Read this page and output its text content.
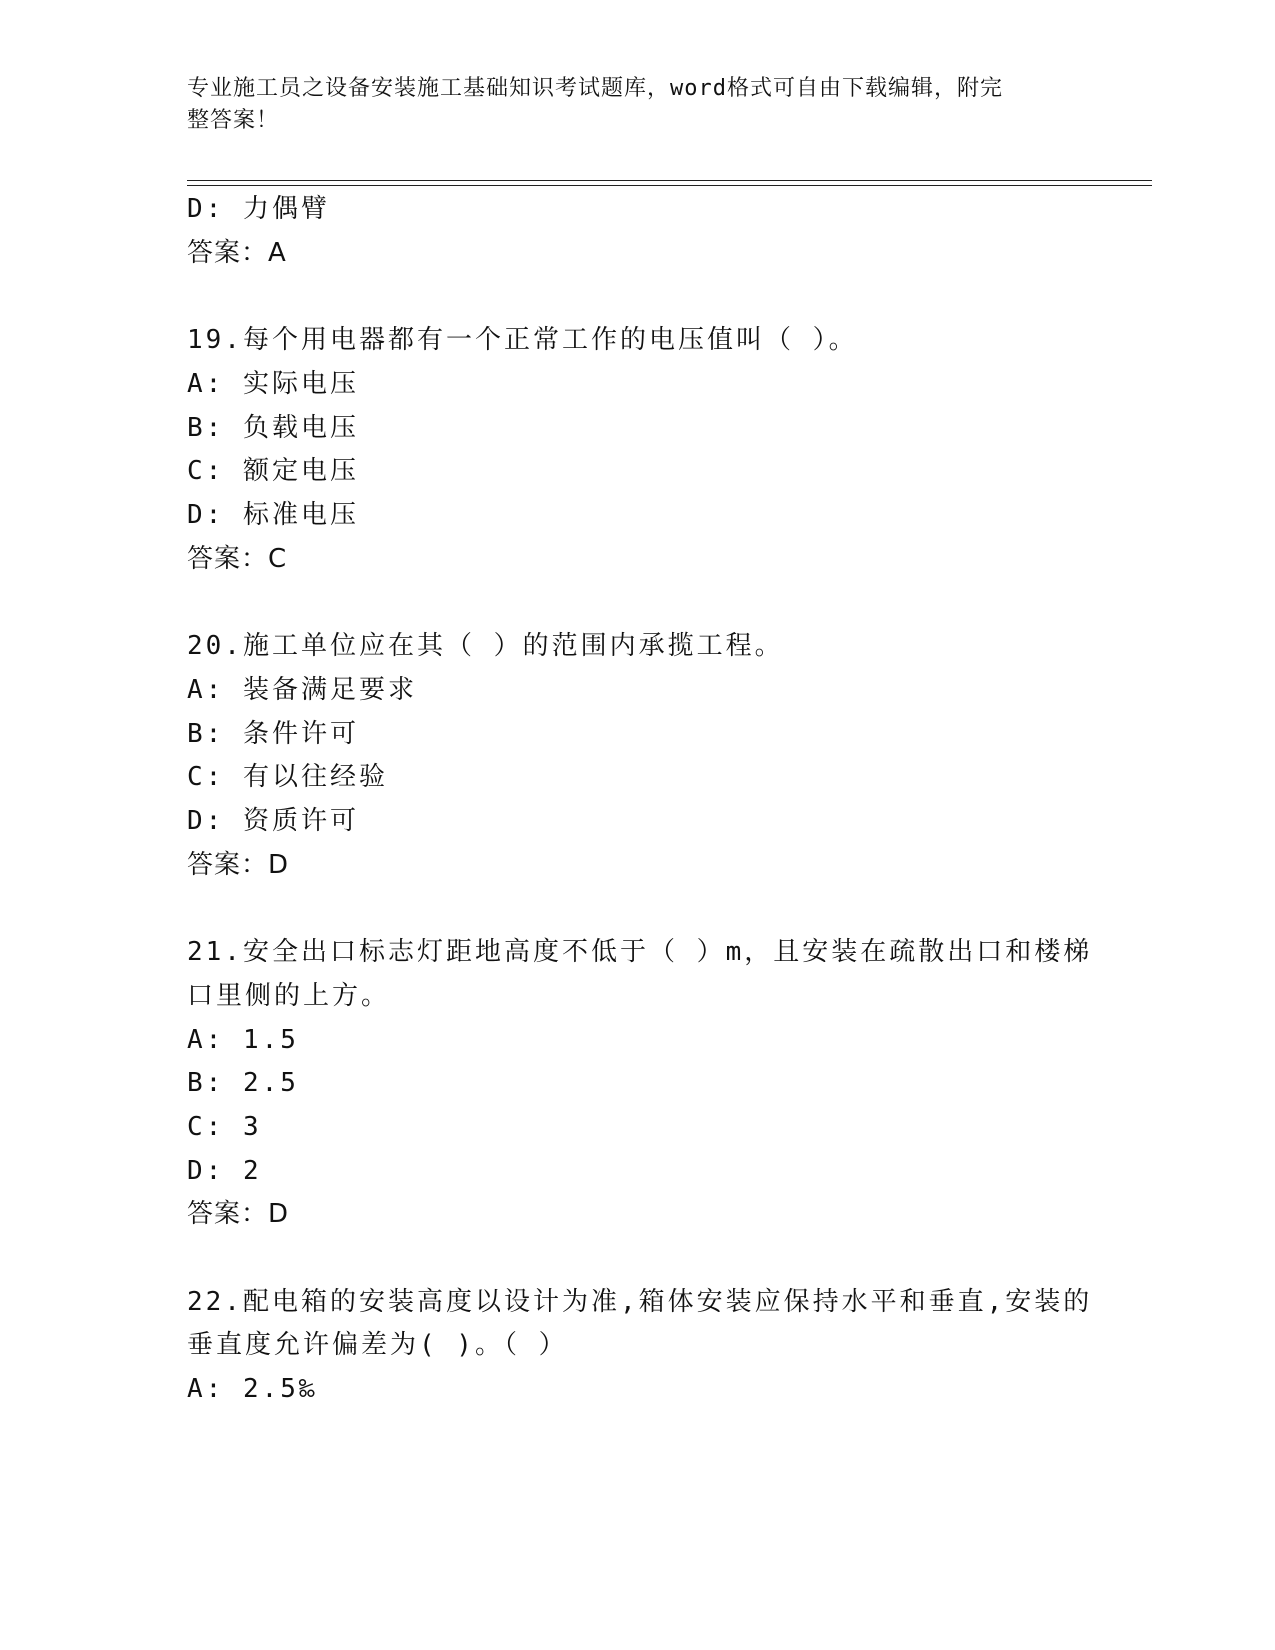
专业施工员之设备安装施工基础知识考试题库，word格式可自由下载编辑，附完
整答案！
D: 力偶臂
答案：A
19.每个用电器都有一个正常工作的电压值叫（ ）。
A: 实际电压
B: 负载电压
C: 额定电压
D: 标准电压
答案：C
20.施工单位应在其（ ）的范围内承揽工程。
A: 装备满足要求
B: 条件许可
C: 有以往经验
D: 资质许可
答案：D
21.安全出口标志灯距地高度不低于（ ）m，且安装在疏散出口和楼梯
口里侧的上方。
A: 1.5
B: 2.5
C: 3
D: 2
答案：D
22.配电箱的安装高度以设计为准,箱体安装应保持水平和垂直,安装的
垂直度允许偏差为( )。（ ）
A: 2.5‰
